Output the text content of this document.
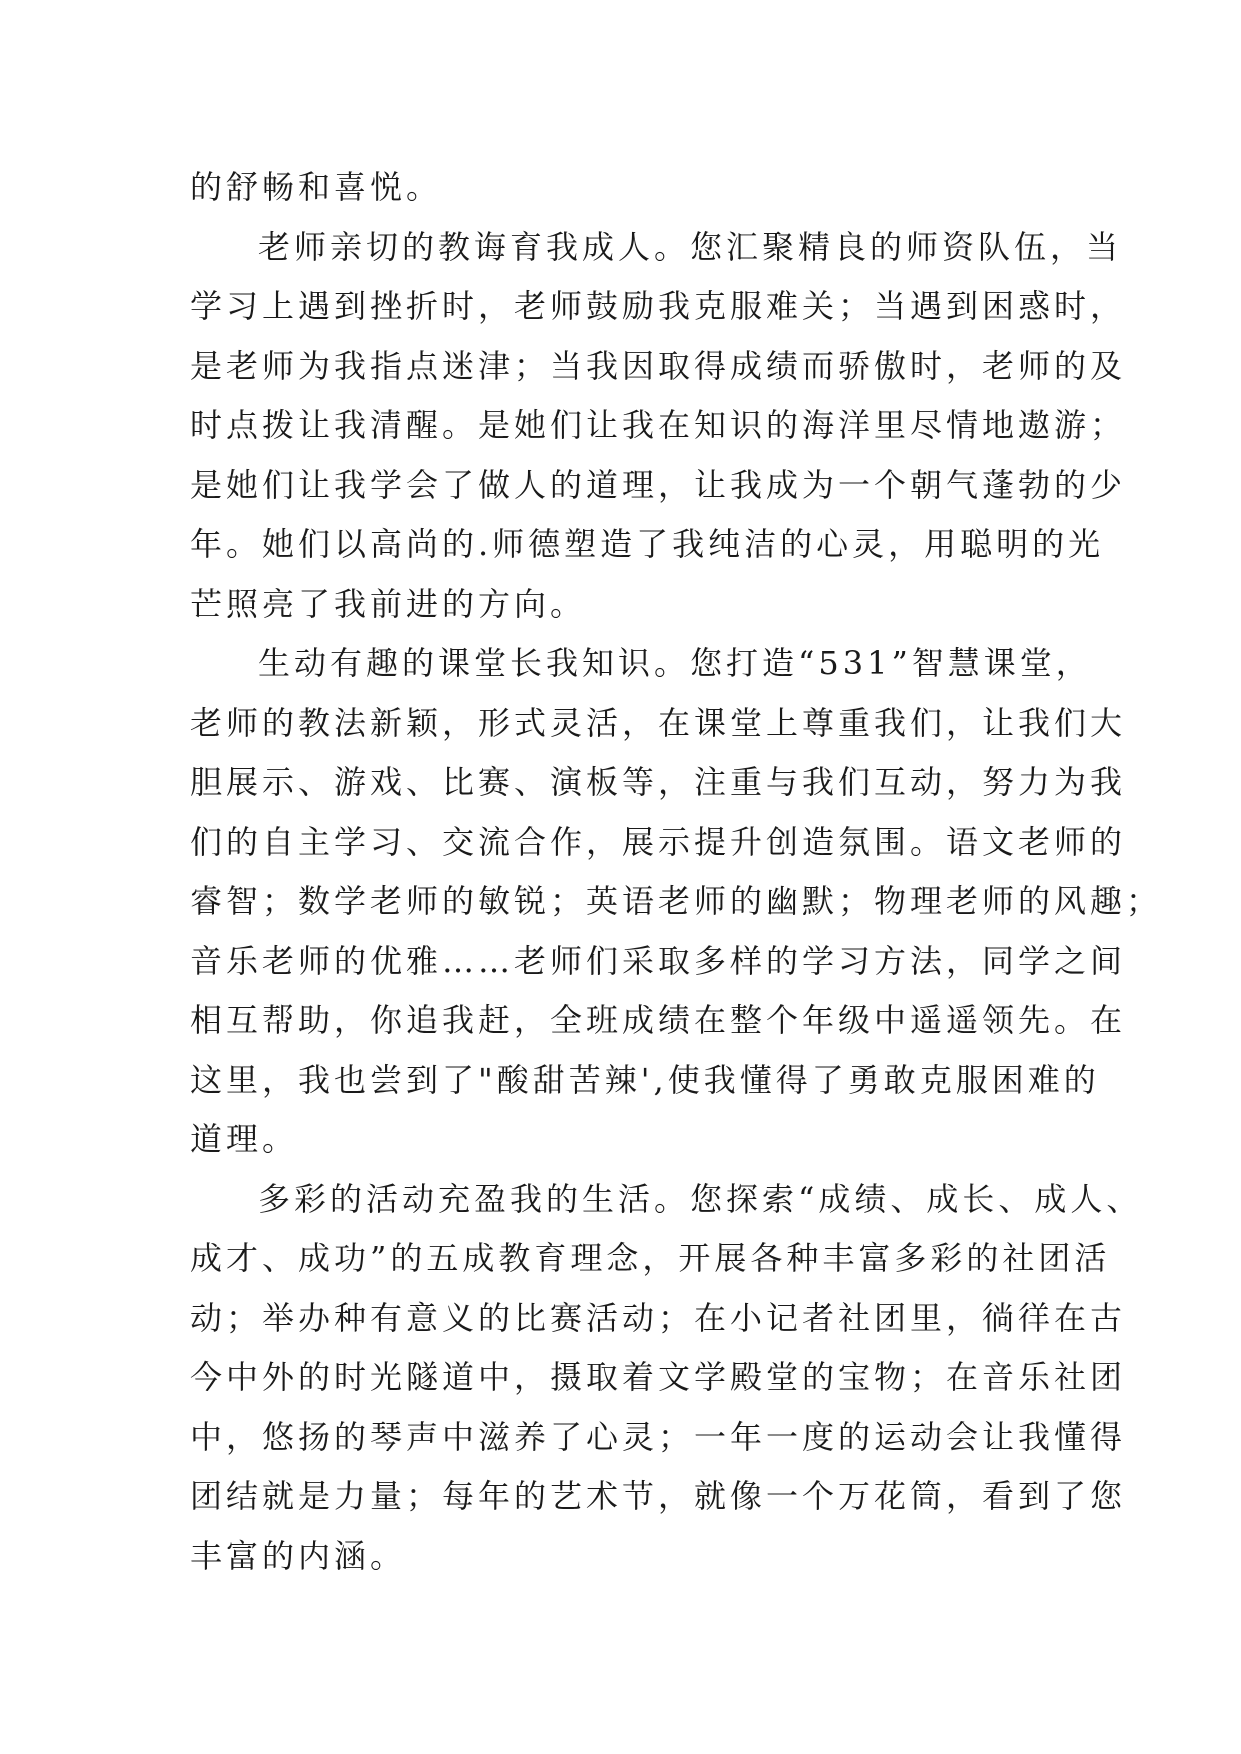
的舒畅和喜悦。
老师亲切的教诲育我成人。您汇聚精良的师资队伍，当
学习上遇到挫折时，老师鼓励我克服难关；当遇到困惑时，
是老师为我指点迷津；当我因取得成绩而骄傲时，老师的及
时点拨让我清醒。是她们让我在知识的海洋里尽情地遨游；
是她们让我学会了做人的道理，让我成为一个朝气蓬勃的少
年。她们以高尚的.师德塑造了我纯洁的心灵，用聪明的光
芒照亮了我前进的方向。
生动有趣的课堂长我知识。您打造“531”智慧课堂，
老师的教法新颖，形式灵活，在课堂上尊重我们，让我们大
胆展示、游戏、比赛、演板等，注重与我们互动，努力为我
们的自主学习、交流合作，展示提升创造氛围。语文老师的
睿智；数学老师的敏锐；英语老师的幽默；物理老师的风趣；
音乐老师的优雅……老师们采取多样的学习方法，同学之间
相互帮助，你追我赶，全班成绩在整个年级中遥遥领先。在
这里，我也尝到了"酸甜苦辣',使我懂得了勇敢克服困难的
道理。
多彩的活动充盈我的生活。您探索“成绩、成长、成人、
成才、成功”的五成教育理念，开展各种丰富多彩的社团活
动；举办种有意义的比赛活动；在小记者社团里，徜徉在古
今中外的时光隧道中，摄取着文学殿堂的宝物；在音乐社团
中，悠扬的琴声中滋养了心灵；一年一度的运动会让我懂得
团结就是力量；每年的艺术节，就像一个万花筒，看到了您
丰富的内涵。
